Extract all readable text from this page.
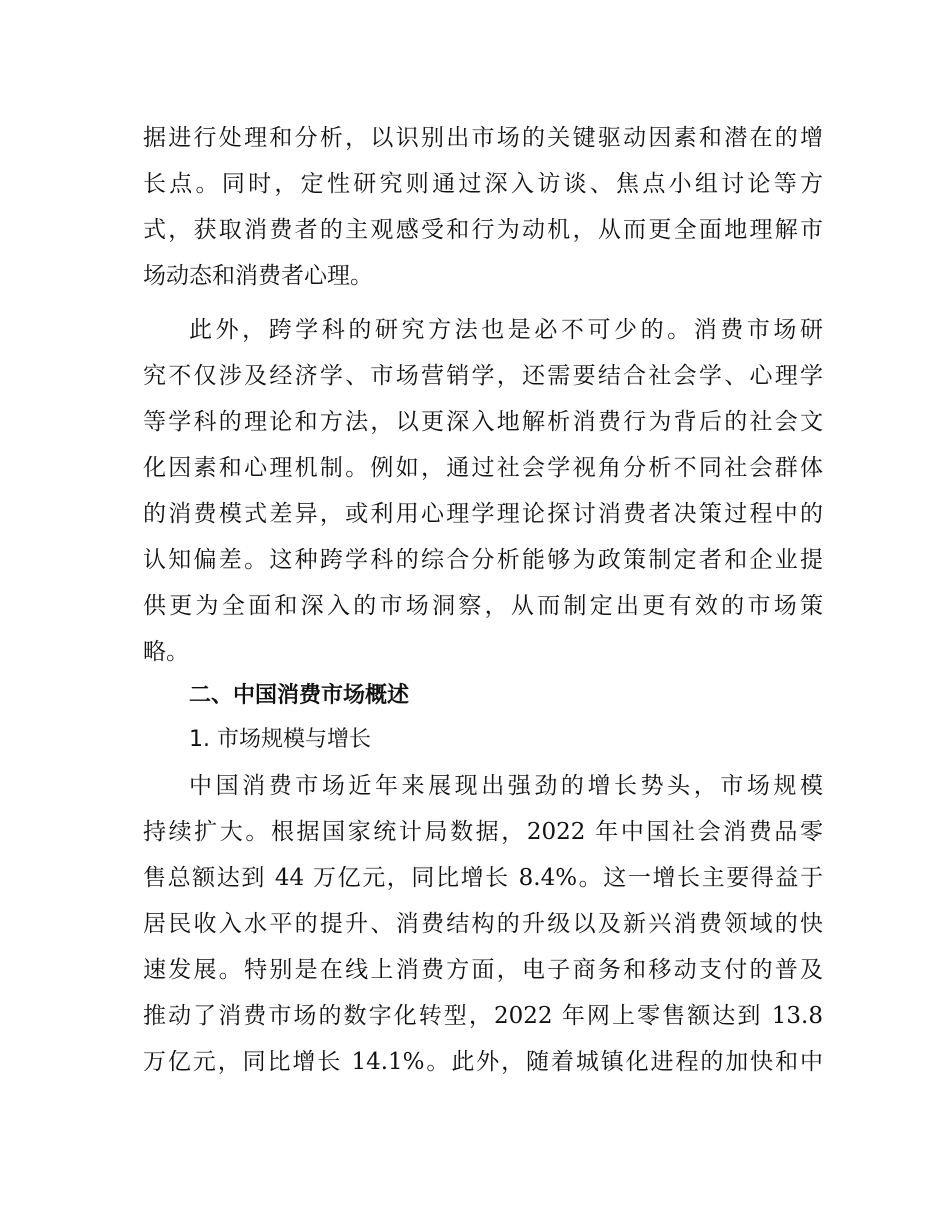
据进行处理和分析，以识别出市场的关键驱动因素和潜在的增
长点。同时，定性研究则通过深入访谈、焦点小组讨论等方
式，获取消费者的主观感受和行为动机，从而更全面地理解市
场动态和消费者心理。
此外，跨学科的研究方法也是必不可少的。消费市场研
究不仅涉及经济学、市场营销学，还需要结合社会学、心理学
等学科的理论和方法，以更深入地解析消费行为背后的社会文
化因素和心理机制。例如，通过社会学视角分析不同社会群体
的消费模式差异，或利用心理学理论探讨消费者决策过程中的
认知偏差。这种跨学科的综合分析能够为政策制定者和企业提
供更为全面和深入的市场洞察，从而制定出更有效的市场策
略。
二、中国消费市场概述
1. 市场规模与增长
中国消费市场近年来展现出强劲的增长势头，市场规模
持续扩大。根据国家统计局数据，2022 年中国社会消费品零
售总额达到 44 万亿元，同比增长 8.4%。这一增长主要得益于
居民收入水平的提升、消费结构的升级以及新兴消费领域的快
速发展。特别是在线上消费方面，电子商务和移动支付的普及
推动了消费市场的数字化转型，2022 年网上零售额达到 13.8
万亿元，同比增长 14.1%。此外，随着城镇化进程的加快和中
